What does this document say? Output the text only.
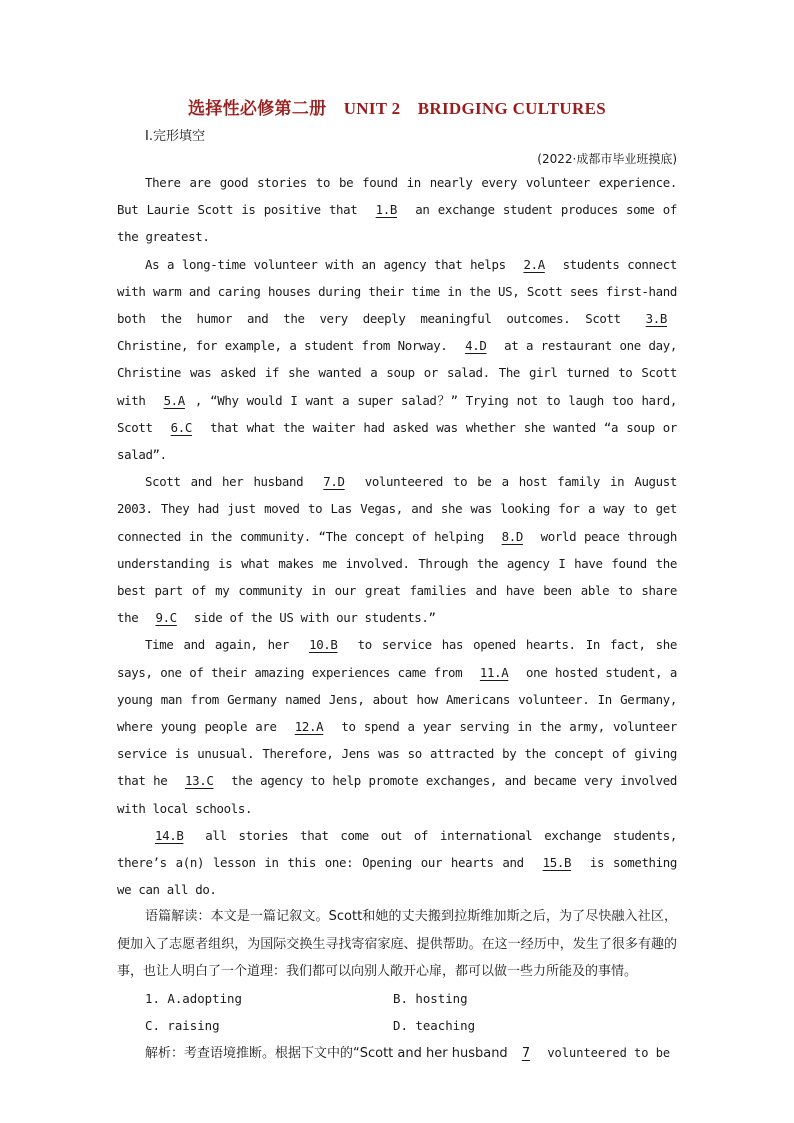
选择性必修第二册　UNIT 2　BRIDGING CULTURES
Ⅰ.完形填空
(2022·成都市毕业班摸底)

There are good stories to be found in nearly every volunteer experience. But Laurie Scott is positive that 1.B an exchange student produces some of the greatest.

As a long-time volunteer with an agency that helps 2.A students connect with warm and caring houses during their time in the US, Scott sees first-hand both the humor and the very deeply meaningful outcomes. Scott 3.B Christine, for example, a student from Norway. 4.D at a restaurant one day, Christine was asked if she wanted a soup or salad. The girl turned to Scott with 5.A , “Why would I want a super salad？” Trying not to laugh too hard, Scott 6.C that what the waiter had asked was whether she wanted “a soup or salad”.

Scott and her husband 7.D volunteered to be a host family in August 2003. They had just moved to Las Vegas, and she was looking for a way to get connected in the community. “The concept of helping 8.D world peace through understanding is what makes me involved. Through the agency I have found the best part of my community in our great families and have been able to share the 9.C side of the US with our students.”

Time and again, her 10.B to service has opened hearts. In fact, she says, one of their amazing experiences came from 11.A one hosted student, a young man from Germany named Jens, about how Americans volunteer. In Germany, where young people are 12.A to spend a year serving in the army, volunteer service is unusual. Therefore, Jens was so attracted by the concept of giving that he 13.C the agency to help promote exchanges, and became very involved with local schools.

14.B all stories that come out of international exchange students, there’s a(n) lesson in this one: Opening our hearts and 15.B is something we can all do.

语篇解读：本文是一篇记叙文。Scott和她的丈夫搬到拉斯维加斯之后，为了尽快融入社区，便加入了志愿者组织，为国际交换生寻找寄宿家庭、提供帮助。在这一经历中，发生了很多有趣的事，也让人明白了一个道理：我们都可以向别人敞开心扉，都可以做一些力所能及的事情。

1. A.adopting	B. hosting
C. raising	D. teaching

解析：考查语境推断。根据下文中的“Scott and her husband 7 volunteered to be
